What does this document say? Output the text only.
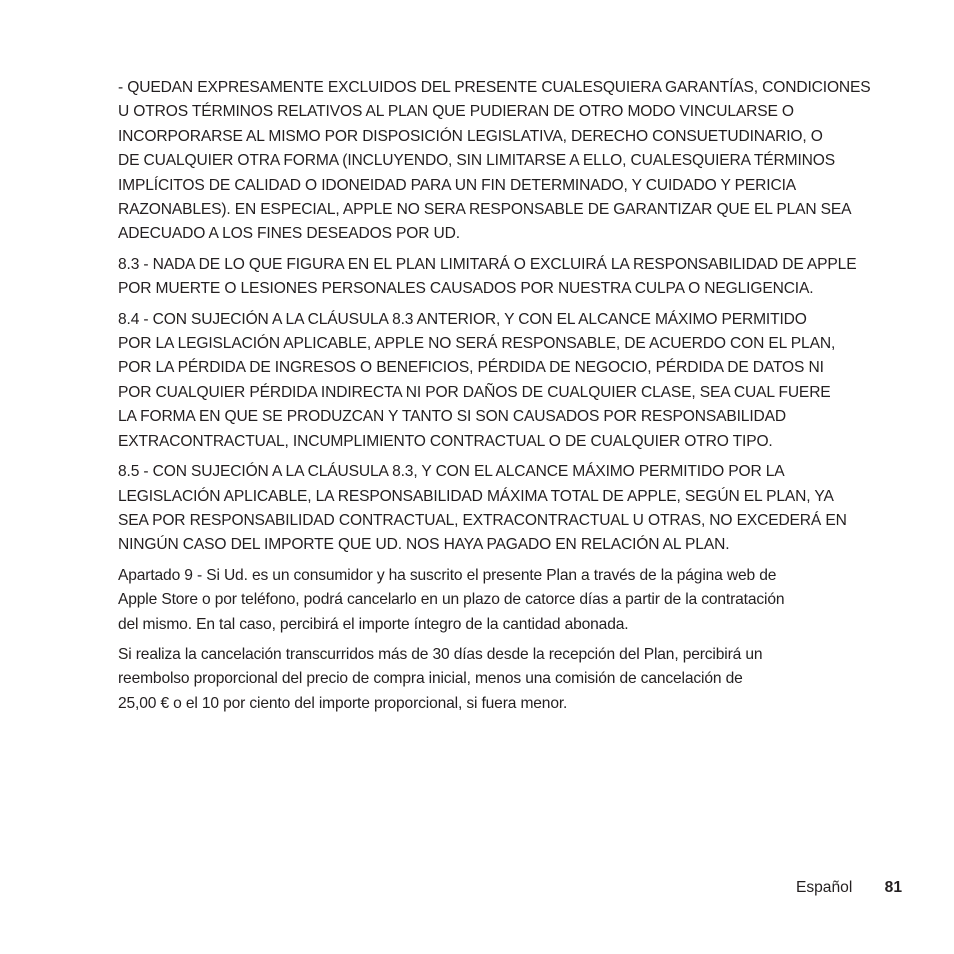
- QUEDAN EXPRESAMENTE EXCLUIDOS DEL PRESENTE CUALESQUIERA GARANTÍAS, CONDICIONES
U OTROS TÉRMINOS RELATIVOS AL PLAN QUE PUDIERAN DE OTRO MODO VINCULARSE O
INCORPORARSE AL MISMO POR DISPOSICIÓN LEGISLATIVA, DERECHO CONSUETUDINARIO, O
DE CUALQUIER OTRA FORMA (INCLUYENDO, SIN LIMITARSE A ELLO, CUALESQUIERA TÉRMINOS
IMPLÍCITOS DE CALIDAD O IDONEIDAD PARA UN FIN DETERMINADO, Y CUIDADO Y PERICIA
RAZONABLES). EN ESPECIAL, APPLE NO SERA RESPONSABLE DE GARANTIZAR QUE EL PLAN SEA
ADECUADO A LOS FINES DESEADOS POR UD.

8.3 - NADA DE LO QUE FIGURA EN EL PLAN LIMITARÁ O EXCLUIRÁ LA RESPONSABILIDAD DE APPLE
POR MUERTE O LESIONES PERSONALES CAUSADOS POR NUESTRA CULPA O NEGLIGENCIA.

8.4 - CON SUJECIÓN A LA CLÁUSULA 8.3 ANTERIOR, Y CON EL ALCANCE MÁXIMO PERMITIDO
POR LA LEGISLACIÓN APLICABLE, APPLE NO SERÁ RESPONSABLE, DE ACUERDO CON EL PLAN,
POR LA PÉRDIDA DE INGRESOS O BENEFICIOS, PÉRDIDA DE NEGOCIO, PÉRDIDA DE DATOS NI
POR CUALQUIER PÉRDIDA INDIRECTA NI POR DAÑOS DE CUALQUIER CLASE, SEA CUAL FUERE
LA FORMA EN QUE SE PRODUZCAN Y TANTO SI SON CAUSADOS POR RESPONSABILIDAD
EXTRACONTRACTUAL, INCUMPLIMIENTO CONTRACTUAL O DE CUALQUIER OTRO TIPO.

8.5 - CON SUJECIÓN A LA CLÁUSULA 8.3, Y CON EL ALCANCE MÁXIMO PERMITIDO POR LA
LEGISLACIÓN APLICABLE, LA RESPONSABILIDAD MÁXIMA TOTAL DE APPLE, SEGÚN EL PLAN, YA
SEA POR RESPONSABILIDAD CONTRACTUAL, EXTRACONTRACTUAL U OTRAS, NO EXCEDERÁ EN
NINGÚN CASO DEL IMPORTE QUE UD. NOS HAYA PAGADO EN RELACIÓN AL PLAN.

Apartado 9 - Si Ud. es un consumidor y ha suscrito el presente Plan a través de la página web de
Apple Store o por teléfono, podrá cancelarlo en un plazo de catorce días a partir de la contratación
del mismo. En tal caso, percibirá el importe íntegro de la cantidad abonada.

Si realiza la cancelación transcurridos más de 30 días desde la recepción del Plan, percibirá un
reembolso proporcional del precio de compra inicial, menos una comisión de cancelación de
25,00 € o el 10 por ciento del importe proporcional, si fuera menor.

Español 81
